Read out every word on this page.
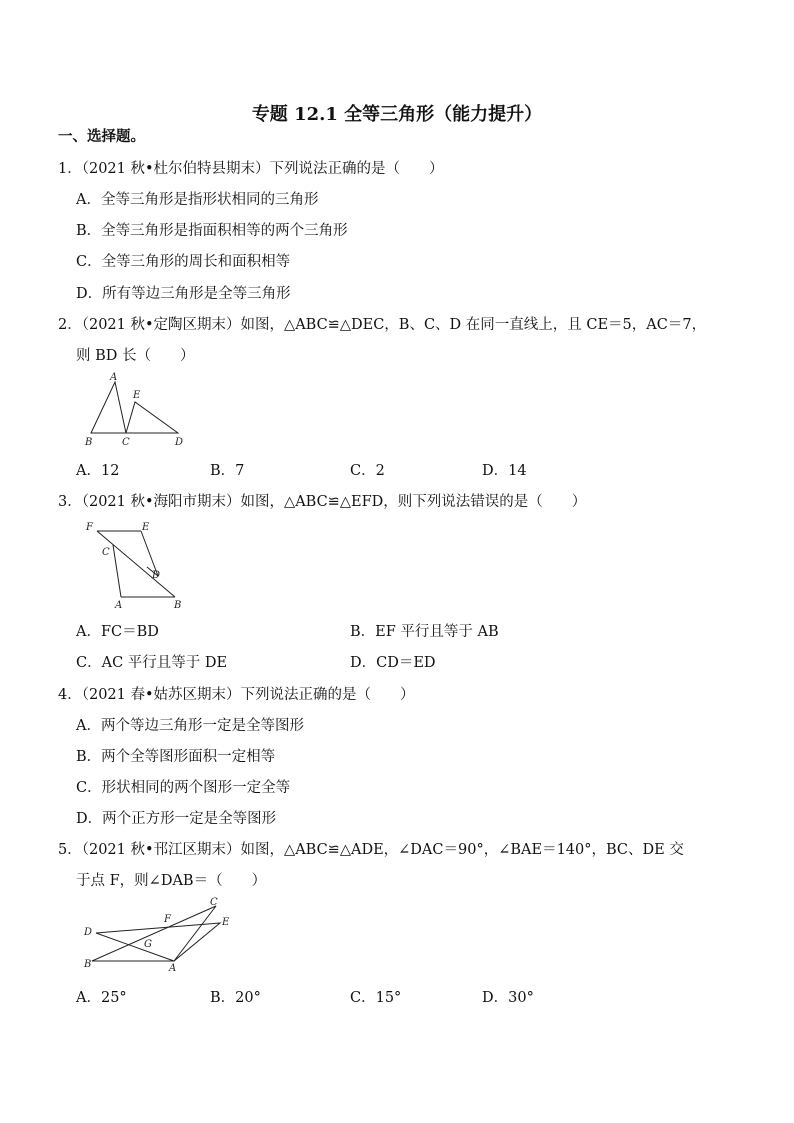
专题 12.1 全等三角形（能力提升）
一、选择题。
1．（2021 秋•杜尔伯特县期末）下列说法正确的是（　　）
A．全等三角形是指形状相同的三角形
B．全等三角形是指面积相等的两个三角形
C．全等三角形的周长和面积相等
D．所有等边三角形是全等三角形
2．（2021 秋•定陶区期末）如图，△ABC≌△DEC，B、C、D 在同一直线上，且 CE＝5，AC＝7，
则 BD 长（　　）
A
E
B	C	D
A．12	B．7	C．2	D．14
3．（2021 秋•海阳市期末）如图，△ABC≌△EFD，则下列说法错误的是（　　）
F	E
C
D
A	B
A．FC＝BD	B．EF 平行且等于 AB
C．AC 平行且等于 DE	D．CD＝ED
4．（2021 春•姑苏区期末）下列说法正确的是（　　）
A．两个等边三角形一定是全等图形
B．两个全等图形面积一定相等
C．形状相同的两个图形一定全等
D．两个正方形一定是全等图形
5．（2021 秋•邗江区期末）如图，△ABC≌△ADE，∠DAC＝90°，∠BAE＝140°，BC、DE 交
于点 F，则∠DAB＝（　　）
C
F	E
D
G
B	A
A．25°	B．20°	C．15°	D．30°
